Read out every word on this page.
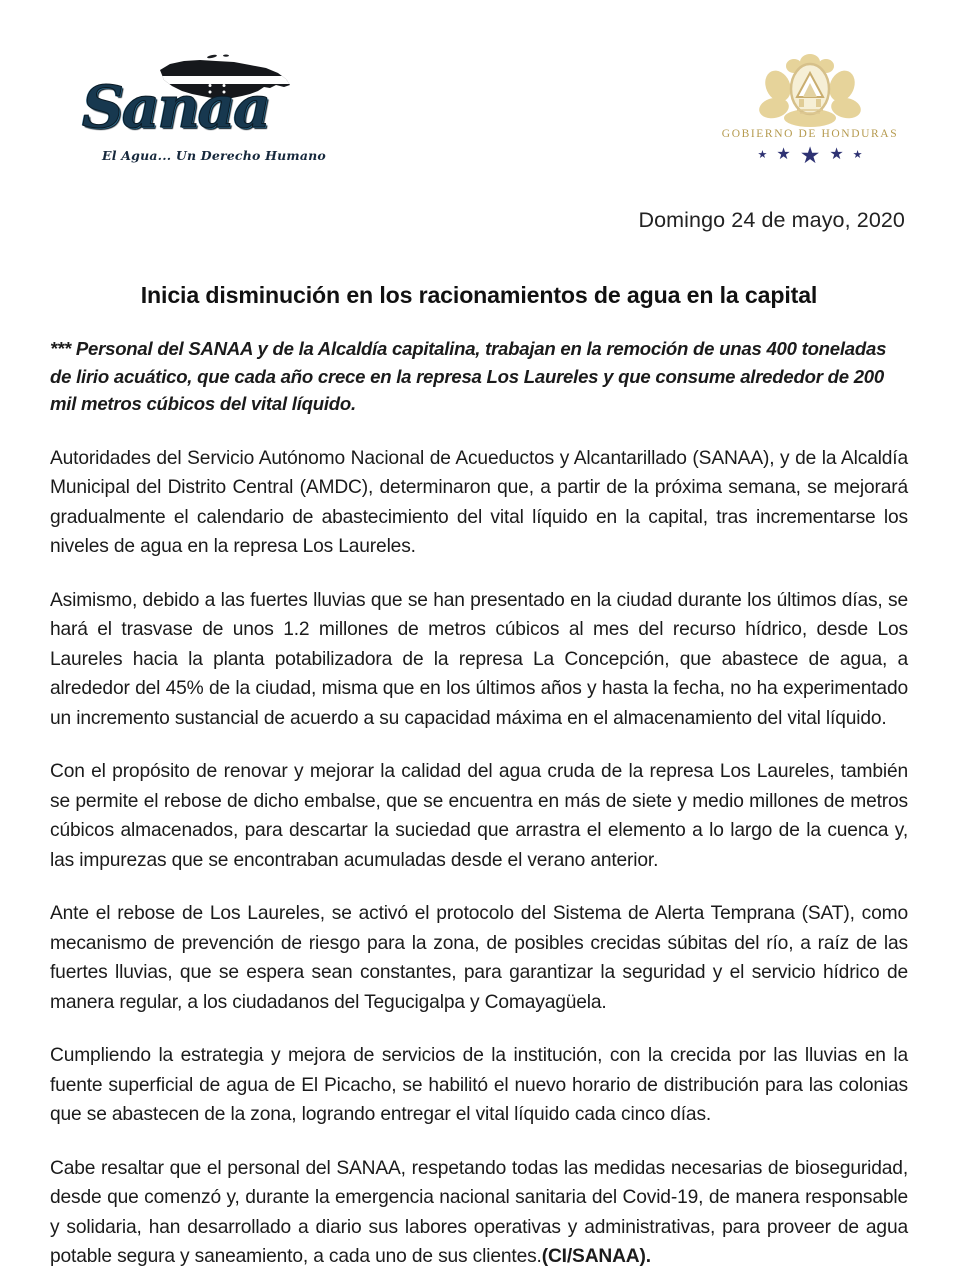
Sanaa
El Agua... Un Derecho Humano
GOBIERNO DE HONDURAS
★ ★ ★ ★ ★
Domingo 24 de mayo, 2020
Inicia disminución en los racionamientos de agua en la capital

*** Personal del SANAA y de la Alcaldía capitalina, trabajan en la remoción de unas 400 toneladas de lirio acuático, que cada año crece en la represa Los Laureles y que consume alrededor de 200 mil metros cúbicos del vital líquido.

Autoridades del Servicio Autónomo Nacional de Acueductos y Alcantarillado (SANAA), y de la Alcaldía Municipal del Distrito Central (AMDC), determinaron que, a partir de la próxima semana, se mejorará gradualmente el calendario de abastecimiento del vital líquido en la capital, tras incrementarse los niveles de agua en la represa Los Laureles.

Asimismo, debido a las fuertes lluvias que se han presentado en la ciudad durante los últimos días, se hará el trasvase de unos 1.2 millones de metros cúbicos al mes del recurso hídrico, desde Los Laureles hacia la planta potabilizadora de la represa La Concepción, que abastece de agua, a alrededor del 45% de la ciudad, misma que en los últimos años y hasta la fecha, no ha experimentado un incremento sustancial de acuerdo a su capacidad máxima en el almacenamiento del vital líquido.

Con el propósito de renovar y mejorar la calidad del agua cruda de la represa Los Laureles, también se permite el rebose de dicho embalse, que se encuentra en más de siete y medio millones de metros cúbicos almacenados, para descartar la suciedad que arrastra el elemento a lo largo de la cuenca y, las impurezas que se encontraban acumuladas desde el verano anterior.

Ante el rebose de Los Laureles, se activó el protocolo del Sistema de Alerta Temprana (SAT), como mecanismo de prevención de riesgo para la zona, de posibles crecidas súbitas del río, a raíz de las fuertes lluvias, que se espera sean constantes, para garantizar la seguridad y el servicio hídrico de manera regular, a los ciudadanos del Tegucigalpa y Comayagüela.

Cumpliendo la estrategia y mejora de servicios de la institución, con la crecida por las lluvias en la fuente superficial de agua de El Picacho, se habilitó el nuevo horario de distribución para las colonias que se abastecen de la zona, logrando entregar el vital líquido cada cinco días.

Cabe resaltar que el personal del SANAA, respetando todas las medidas necesarias de bioseguridad, desde que comenzó y, durante la emergencia nacional sanitaria del Covid-19, de manera responsable y solidaria, han desarrollado a diario sus labores operativas y administrativas, para proveer de agua potable segura y saneamiento, a cada uno de sus clientes.(CI/SANAA).
